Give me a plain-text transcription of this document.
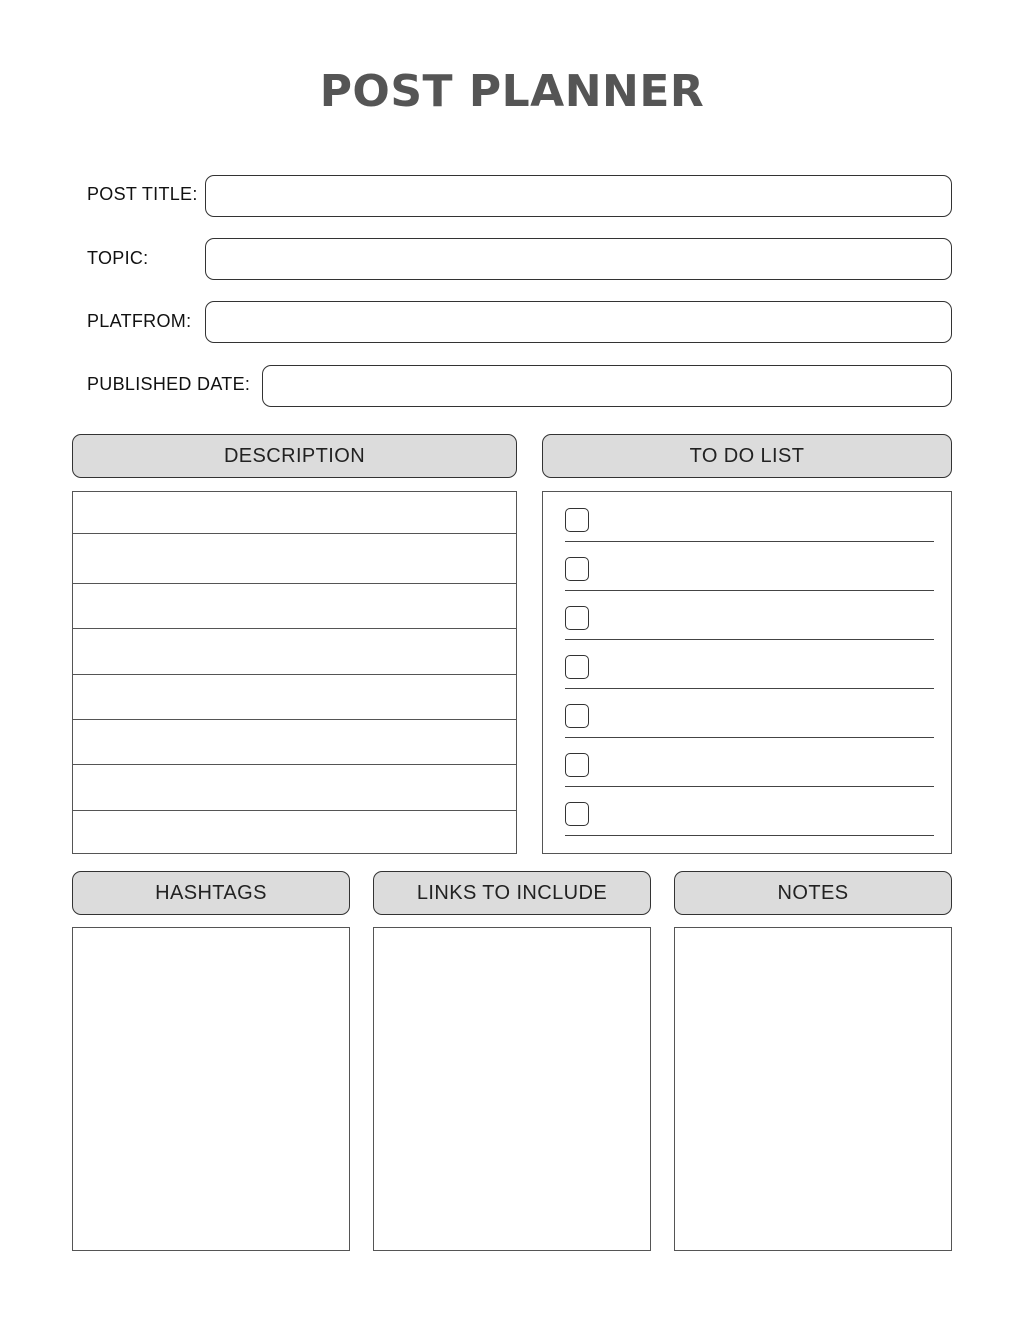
POST PLANNER
POST TITLE:
TOPIC:
PLATFROM:
PUBLISHED DATE:
DESCRIPTION	TO DO LIST
HASHTAGS	LINKS TO INCLUDE	NOTES
